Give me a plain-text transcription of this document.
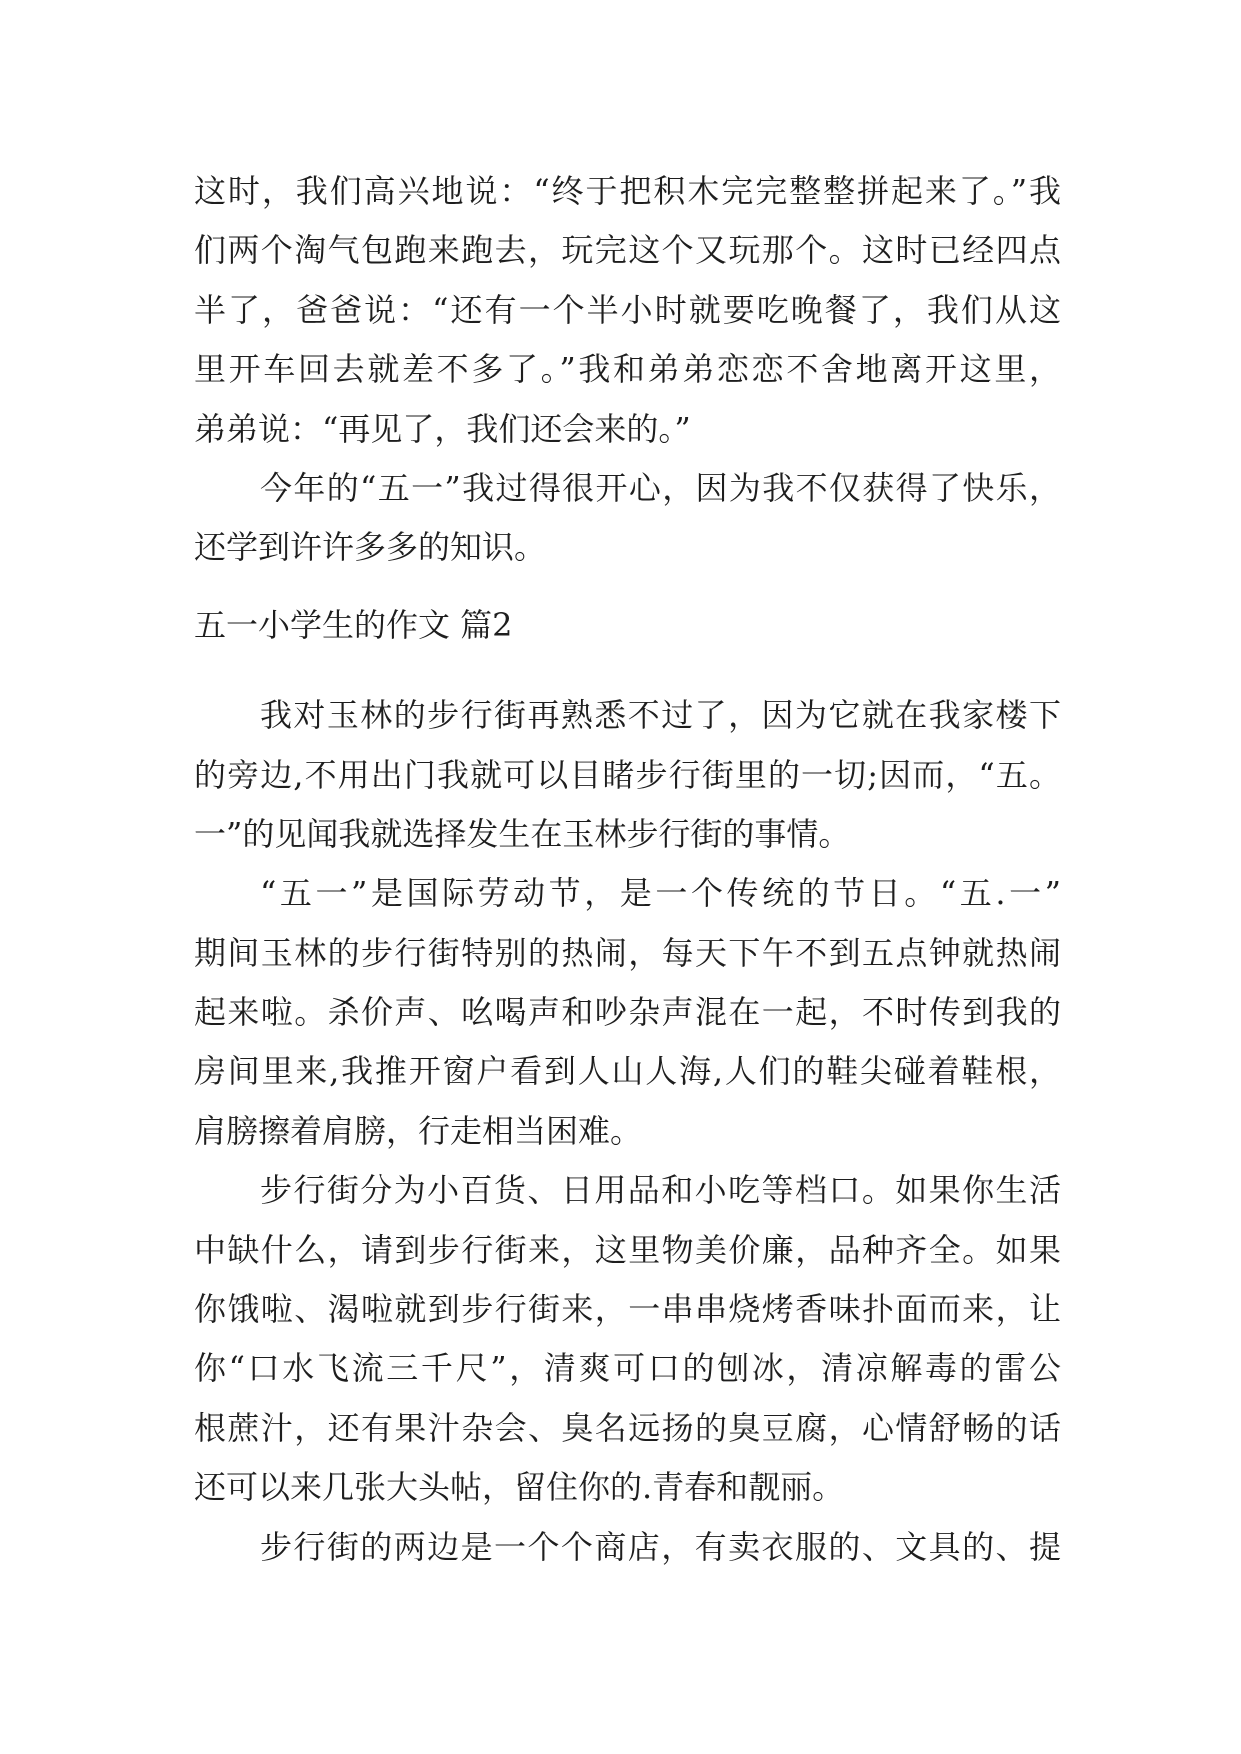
这时，我们高兴地说：“终于把积木完完整整拼起来了。”我
们两个淘气包跑来跑去，玩完这个又玩那个。这时已经四点
半了，爸爸说：“还有一个半小时就要吃晚餐了，我们从这
里开车回去就差不多了。”我和弟弟恋恋不舍地离开这里，
弟弟说：“再见了，我们还会来的。”
今年的“五一”我过得很开心，因为我不仅获得了快乐，
还学到许许多多的知识。
五一小学生的作文 篇2
我对玉林的步行街再熟悉不过了，因为它就在我家楼下
的旁边,不用出门我就可以目睹步行街里的一切;因而，“五。
一”的见闻我就选择发生在玉林步行街的事情。
“五一”是国际劳动节，是一个传统的节日。“五.一”
期间玉林的步行街特别的热闹，每天下午不到五点钟就热闹
起来啦。杀价声、吆喝声和吵杂声混在一起，不时传到我的
房间里来,我推开窗户看到人山人海,人们的鞋尖碰着鞋根，
肩膀擦着肩膀，行走相当困难。
步行街分为小百货、日用品和小吃等档口。如果你生活
中缺什么，请到步行街来，这里物美价廉，品种齐全。如果
你饿啦、渴啦就到步行街来，一串串烧烤香味扑面而来，让
你“口水飞流三千尺”，清爽可口的刨冰，清凉解毒的雷公
根蔗汁，还有果汁杂会、臭名远扬的臭豆腐，心情舒畅的话
还可以来几张大头帖，留住你的.青春和靓丽。
步行街的两边是一个个商店，有卖衣服的、文具的、提
